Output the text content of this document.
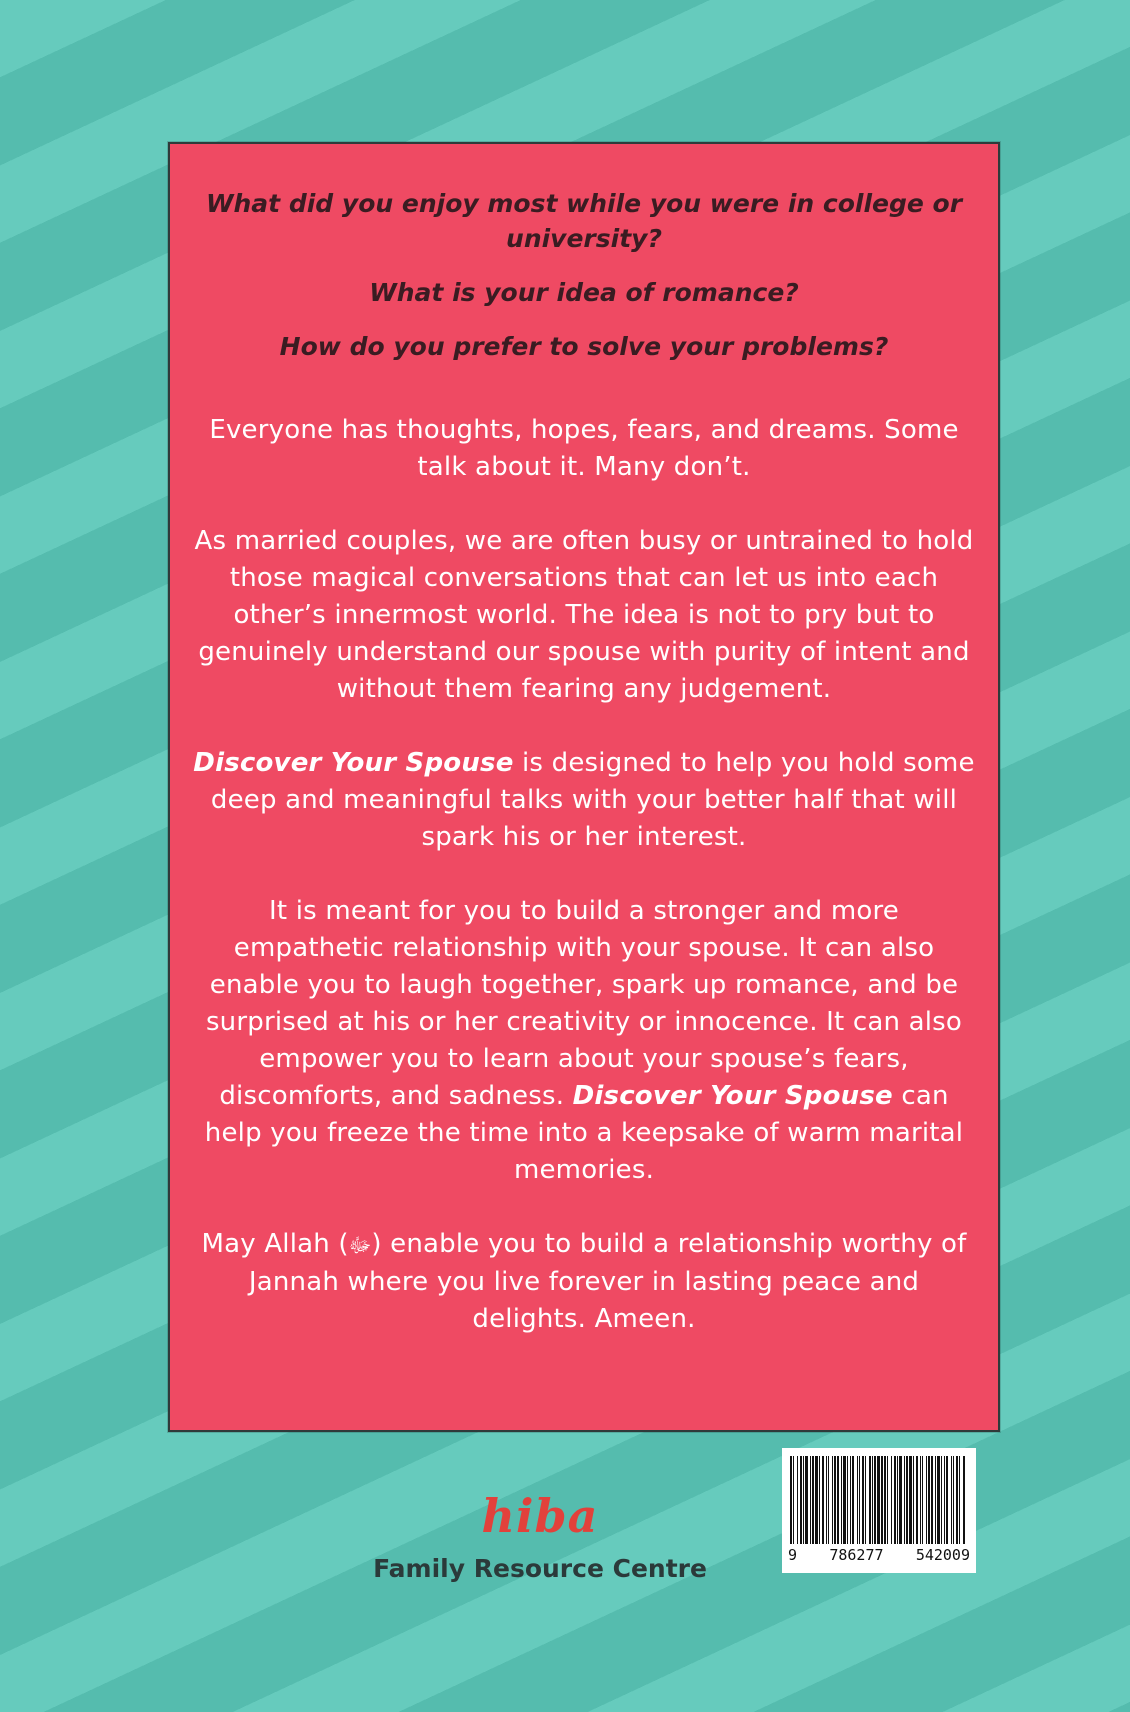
What did you enjoy most while you were in college or university?

What is your idea of romance?

How do you prefer to solve your problems?

Everyone has thoughts, hopes, fears, and dreams. Some talk about it. Many don’t.

As married couples, we are often busy or untrained to hold those magical conversations that can let us into each other’s innermost world. The idea is not to pry but to genuinely understand our spouse with purity of intent and without them fearing any judgement.

Discover Your Spouse is designed to help you hold some deep and meaningful talks with your better half that will spark his or her interest.

It is meant for you to build a stronger and more empathetic relationship with your spouse. It can also enable you to laugh together, spark up romance, and be surprised at his or her creativity or innocence. It can also empower you to learn about your spouse’s fears, discomforts, and sadness. Discover Your Spouse can help you freeze the time into a keepsake of warm marital memories.

May Allah (ﷻ) enable you to build a relationship worthy of Jannah where you live forever in lasting peace and delights. Ameen.

hiba
Family Resource Centre	9 786277 542009
